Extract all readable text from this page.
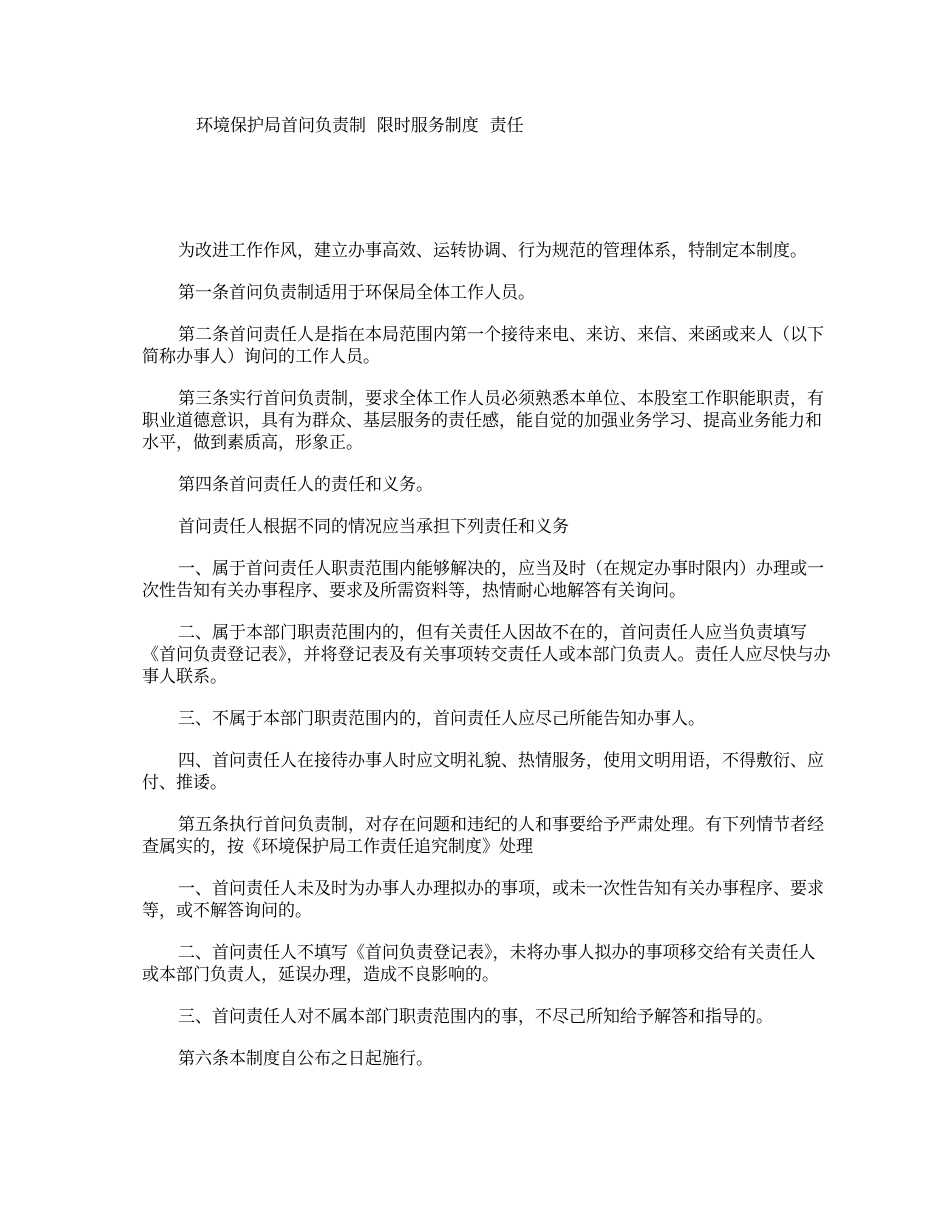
环境保护局首问负责制  限时服务制度  责任

为改进工作作风，建立办事高效、运转协调、行为规范的管理体系，特制定本制度。

第一条首问负责制适用于环保局全体工作人员。

第二条首问责任人是指在本局范围内第一个接待来电、来访、来信、来函或来人（以下简称办事人）询问的工作人员。

第三条实行首问负责制，要求全体工作人员必须熟悉本单位、本股室工作职能职责，有职业道德意识，具有为群众、基层服务的责任感，能自觉的加强业务学习、提高业务能力和水平，做到素质高，形象正。

第四条首问责任人的责任和义务。

首问责任人根据不同的情况应当承担下列责任和义务

一、属于首问责任人职责范围内能够解决的，应当及时（在规定办事时限内）办理或一次性告知有关办事程序、要求及所需资料等，热情耐心地解答有关询问。

二、属于本部门职责范围内的，但有关责任人因故不在的，首问责任人应当负责填写《首问负责登记表》，并将登记表及有关事项转交责任人或本部门负责人。责任人应尽快与办事人联系。

三、不属于本部门职责范围内的，首问责任人应尽己所能告知办事人。

四、首问责任人在接待办事人时应文明礼貌、热情服务，使用文明用语，不得敷衍、应付、推诿。

第五条执行首问负责制，对存在问题和违纪的人和事要给予严肃处理。有下列情节者经查属实的，按《环境保护局工作责任追究制度》处理

一、首问责任人未及时为办事人办理拟办的事项，或未一次性告知有关办事程序、要求等，或不解答询问的。

二、首问责任人不填写《首问负责登记表》，未将办事人拟办的事项移交给有关责任人或本部门负责人，延误办理，造成不良影响的。

三、首问责任人对不属本部门职责范围内的事，不尽己所知给予解答和指导的。

第六条本制度自公布之日起施行。
